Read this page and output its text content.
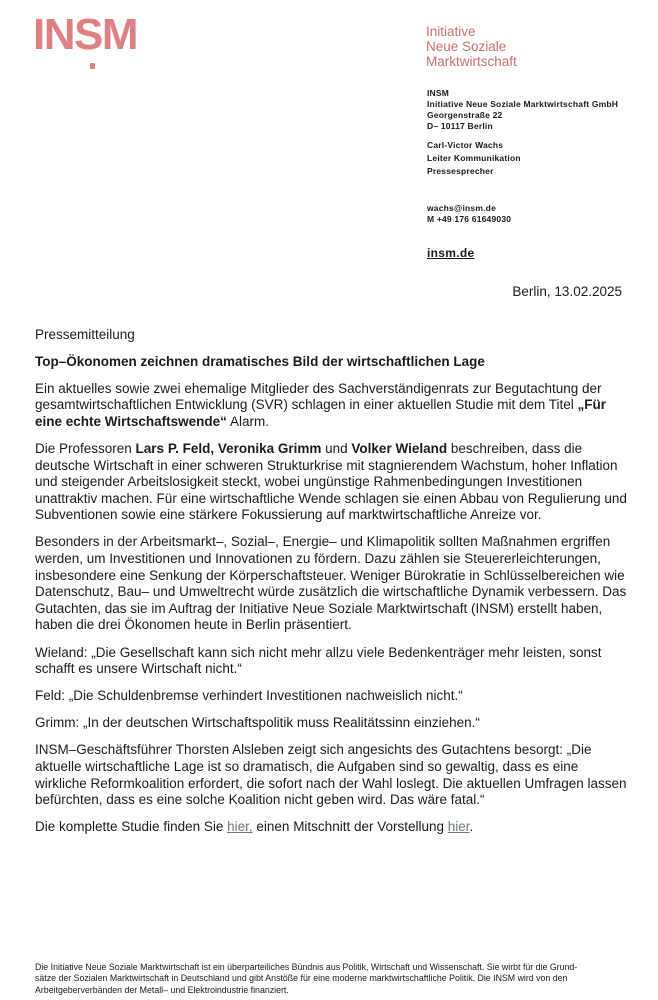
INSM	Initiative
Neue Soziale
Marktwirtschaft
INSM
Initiative Neue Soziale Marktwirtschaft GmbH
Georgenstraße 22
D– 10117 Berlin
Carl-Victor Wachs
Leiter Kommunikation
Pressesprecher
wachs@insm.de
M +49 176 61649030
insm.de
Berlin, 13.02.2025
Pressemitteilung
Top–Ökonomen zeichnen dramatisches Bild der wirtschaftlichen Lage

Ein aktuelles sowie zwei ehemalige Mitglieder des Sachverständigenrats zur Begutachtung der gesamtwirtschaftlichen Entwicklung (SVR) schlagen in einer aktuellen Studie mit dem Titel „Für eine echte Wirtschaftswende“ Alarm.

Die Professoren Lars P. Feld, Veronika Grimm und Volker Wieland beschreiben, dass die deutsche Wirtschaft in einer schweren Strukturkrise mit stagnierendem Wachstum, hoher Inflation und steigender Arbeitslosigkeit steckt, wobei ungünstige Rahmenbedingungen Investitionen unattraktiv machen. Für eine wirtschaftliche Wende schlagen sie einen Abbau von Regulierung und Subventionen sowie eine stärkere Fokussierung auf marktwirtschaftliche Anreize vor.

Besonders in der Arbeitsmarkt–, Sozial–, Energie– und Klimapolitik sollten Maßnahmen ergriffen werden, um Investitionen und Innovationen zu fördern. Dazu zählen sie Steuererleichterungen, insbesondere eine Senkung der Körperschaftsteuer. Weniger Bürokratie in Schlüsselbereichen wie Datenschutz, Bau– und Umweltrecht würde zusätzlich die wirtschaftliche Dynamik verbessern. Das Gutachten, das sie im Auftrag der Initiative Neue Soziale Marktwirtschaft (INSM) erstellt haben, haben die drei Ökonomen heute in Berlin präsentiert.

Wieland: „Die Gesellschaft kann sich nicht mehr allzu viele Bedenkenträger mehr leisten, sonst schafft es unsere Wirtschaft nicht.“

Feld: „Die Schuldenbremse verhindert Investitionen nachweislich nicht.“

Grimm: „In der deutschen Wirtschaftspolitik muss Realitätssinn einziehen.“

INSM–Geschäftsführer Thorsten Alsleben zeigt sich angesichts des Gutachtens besorgt: „Die aktuelle wirtschaftliche Lage ist so dramatisch, die Aufgaben sind so gewaltig, dass es eine wirkliche Reformkoalition erfordert, die sofort nach der Wahl loslegt. Die aktuellen Umfragen lassen befürchten, dass es eine solche Koalition nicht geben wird. Das wäre fatal.“

Die komplette Studie finden Sie hier, einen Mitschnitt der Vorstellung hier.

Die Initiative Neue Soziale Marktwirtschaft ist ein überparteiliches Bündnis aus Politik, Wirtschaft und Wissenschaft. Sie wirbt für die Grund-
sätze der Sozialen Marktwirtschaft in Deutschland und gibt Anstöße für eine moderne marktwirtschaftliche Politik. Die INSM wird von den
Arbeitgeberverbänden der Metall– und Elektroindustrie finanziert.
